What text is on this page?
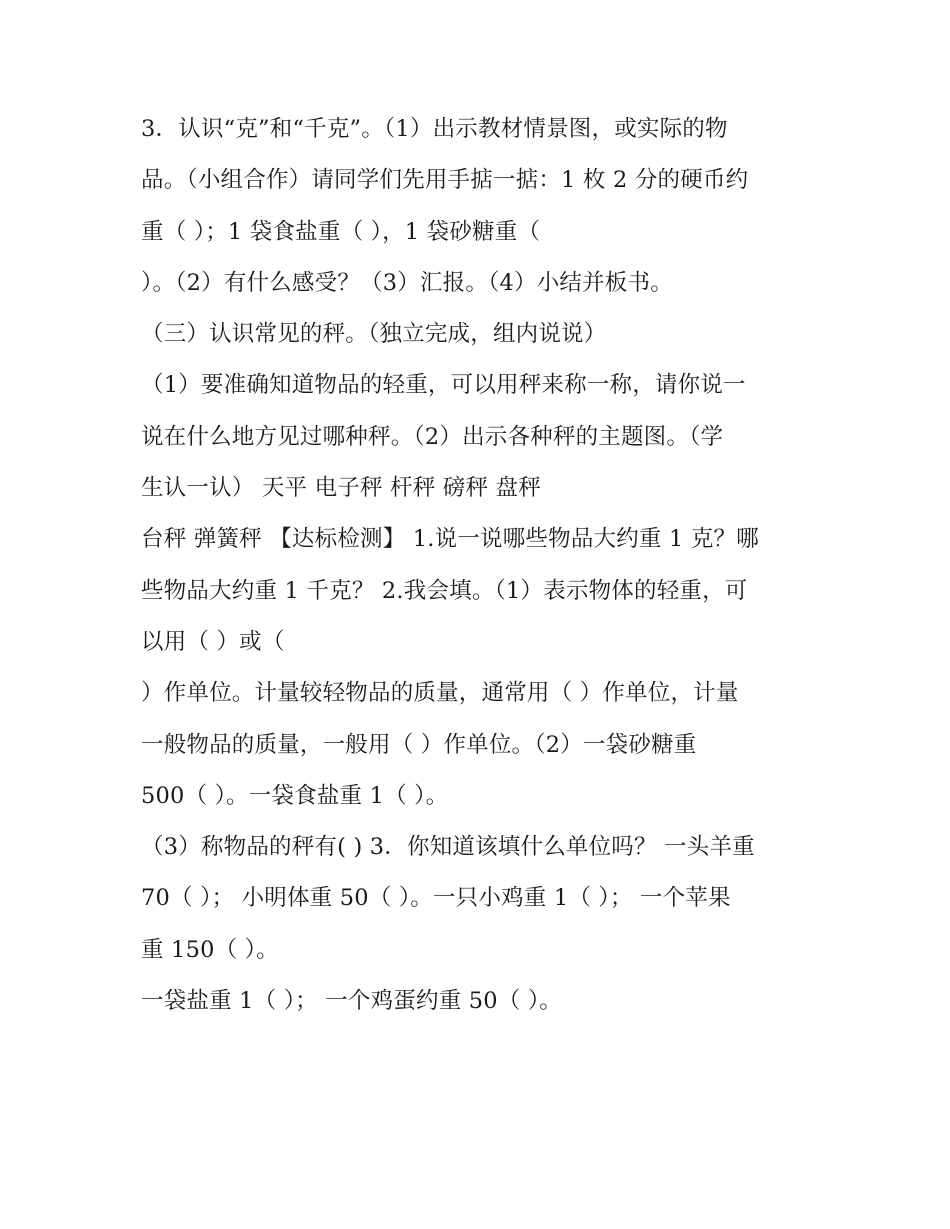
3．认识“克”和“千克”。（1）出示教材情景图，或实际的物
品。（小组合作）请同学们先用手掂一掂：1 枚 2 分的硬币约
重（ ）；1 袋食盐重（ ），1 袋砂糖重（
）。（2）有什么感受？（3）汇报。（4）小结并板书。
（三）认识常见的秤。（独立完成，组内说说）
（1）要准确知道物品的轻重，可以用秤来称一称，请你说一
说在什么地方见过哪种秤。（2）出示各种秤的主题图。（学
生认一认） 天平 电子秤 杆秤 磅秤 盘秤
台秤 弹簧秤 【达标检测】 1.说一说哪些物品大约重 1 克？哪
些物品大约重 1 千克？ 2.我会填。（1）表示物体的轻重，可
以用（ ）或（
）作单位。计量较轻物品的质量，通常用（ ）作单位，计量
一般物品的质量，一般用（ ）作单位。（2）一袋砂糖重
500（ ）。一袋食盐重 1（ ）。
（3）称物品的秤有( ) 3．你知道该填什么单位吗？ 一头羊重
70（ ）； 小明体重 50（ ）。一只小鸡重 1（ ）； 一个苹果
重 150（ ）。
一袋盐重 1（ ）； 一个鸡蛋约重 50（ ）。
